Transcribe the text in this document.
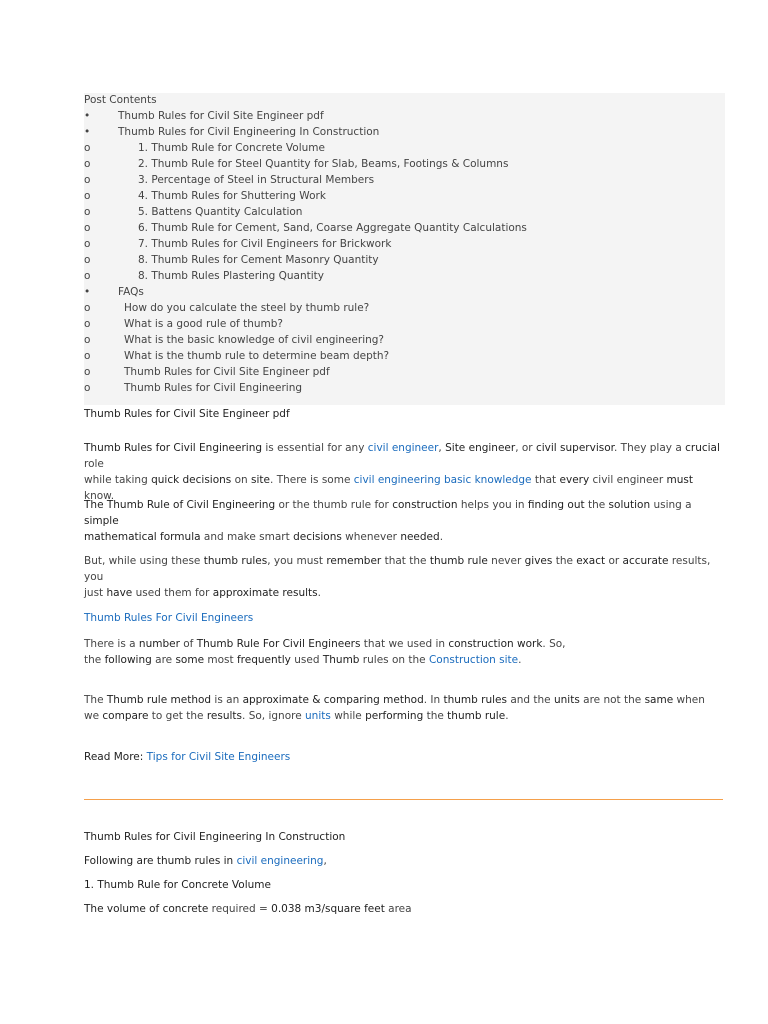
Post Contents
•	Thumb Rules for Civil Site Engineer pdf
•	Thumb Rules for Civil Engineering In Construction
o	1. Thumb Rule for Concrete Volume
o	2. Thumb Rule for Steel Quantity for Slab, Beams, Footings & Columns
o	3. Percentage of Steel in Structural Members
o	4. Thumb Rules for Shuttering Work
o	5. Battens Quantity Calculation
o	6. Thumb Rule for Cement, Sand, Coarse Aggregate Quantity Calculations
o	7. Thumb Rules for Civil Engineers for Brickwork
o	8. Thumb Rules for Cement Masonry Quantity
o	8. Thumb Rules Plastering Quantity
•	FAQs
o	How do you calculate the steel by thumb rule?
o	What is a good rule of thumb?
o	What is the basic knowledge of civil engineering?
o	What is the thumb rule to determine beam depth?
o	Thumb Rules for Civil Site Engineer pdf
o	Thumb Rules for Civil Engineering
Thumb Rules for Civil Site Engineer pdf
Thumb Rules for Civil Engineering is essential for any civil engineer, Site engineer, or civil supervisor. They play a crucial role
while taking quick decisions on site. There is some civil engineering basic knowledge that every civil engineer must know.
The Thumb Rule of Civil Engineering or the thumb rule for construction helps you in finding out the solution using a simple
mathematical formula and make smart decisions whenever needed.
But, while using these thumb rules, you must remember that the thumb rule never gives the exact or accurate results, you
just have used them for approximate results.
Thumb Rules For Civil Engineers
There is a number of Thumb Rule For Civil Engineers that we used in construction work. So,
the following are some most frequently used Thumb rules on the Construction site.
The Thumb rule method is an approximate & comparing method. In thumb rules and the units are not the same when
we compare to get the results. So, ignore units while performing the thumb rule.
Read More: Tips for Civil Site Engineers
Thumb Rules for Civil Engineering In Construction
Following are thumb rules in civil engineering,
1. Thumb Rule for Concrete Volume
The volume of concrete required = 0.038 m3/square feet area
